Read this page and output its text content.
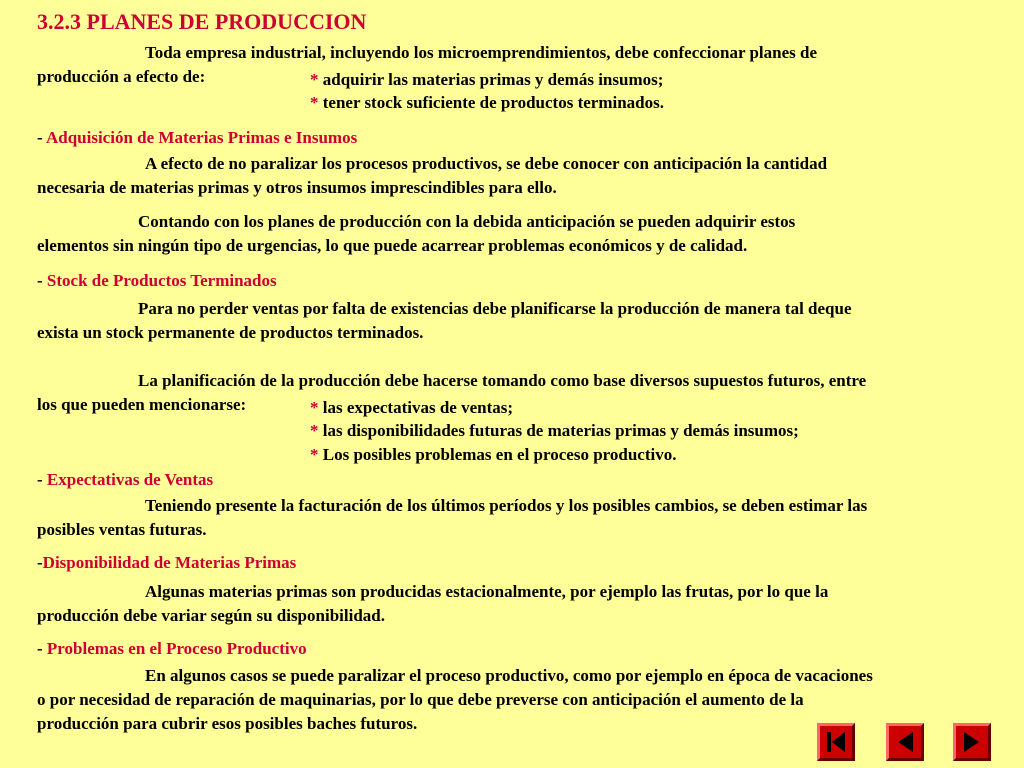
3.2.3 PLANES DE PRODUCCION
Toda empresa industrial, incluyendo los microemprendimientos, debe confeccionar planes de
producción a efecto de:	* adquirir las materias primas y demás insumos;
* tener stock suficiente de productos terminados.
- Adquisición de Materias Primas e Insumos
A efecto de no paralizar los procesos productivos, se debe conocer con anticipación la cantidad
necesaria de materias primas y otros insumos imprescindibles para ello.
Contando con los planes de producción con la debida anticipación se pueden adquirir estos
elementos sin ningún tipo de urgencias, lo que puede acarrear problemas económicos y de calidad.
- Stock de Productos Terminados
Para no perder ventas por falta de existencias debe planificarse la producción de manera tal deque
exista un stock permanente de productos terminados.
La planificación de la producción debe hacerse tomando como base diversos supuestos futuros, entre
los que pueden mencionarse:	* las expectativas de ventas;
* las disponibilidades futuras de materias primas y demás insumos;
* Los posibles problemas en el proceso productivo.
- Expectativas de Ventas
Teniendo presente la facturación de los últimos períodos y los posibles cambios, se deben estimar las
posibles ventas futuras.
-Disponibilidad de Materias Primas
Algunas materias primas son producidas estacionalmente, por ejemplo las frutas, por lo que la
producción debe variar según su disponibilidad.
- Problemas en el Proceso Productivo
En algunos casos se puede paralizar el proceso productivo, como por ejemplo en época de vacaciones
o por necesidad de reparación de maquinarias, por lo que debe preverse con anticipación el aumento de la
producción para cubrir esos posibles baches futuros.
